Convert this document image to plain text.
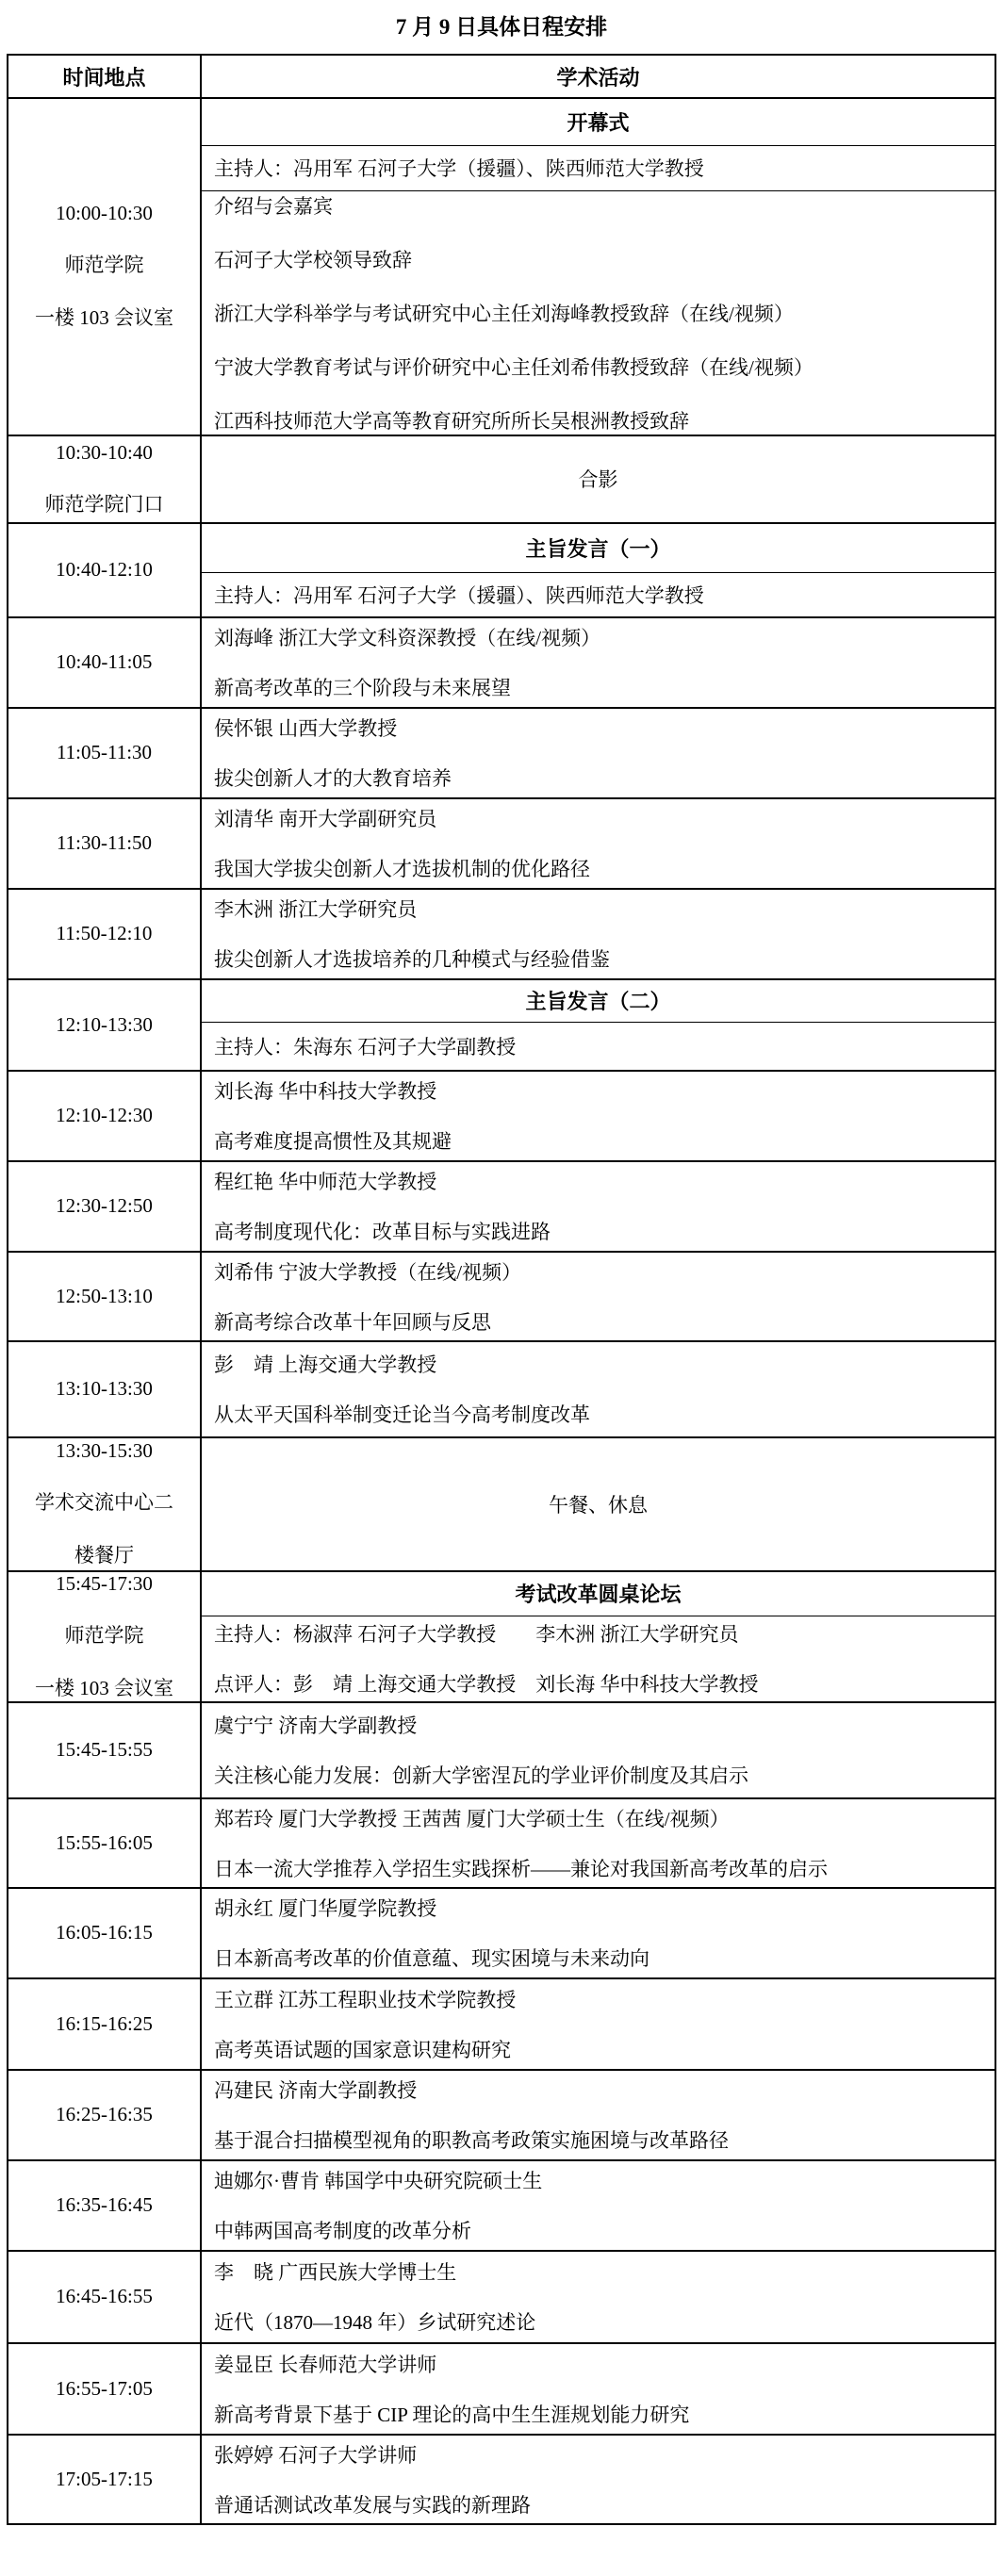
7 月 9 日具体日程安排
时间地点	学术活动

10:00-10:30

师范学院

一楼 103 会议室	开幕式
	主持人：冯用军 石河子大学（援疆）、陕西师范大学教授

	介绍与会嘉宾

石河子大学校领导致辞

浙江大学科举学与考试研究中心主任刘海峰教授致辞（在线/视频）

宁波大学教育考试与评价研究中心主任刘希伟教授致辞（在线/视频）

江西科技师范大学高等教育研究所所长吴根洲教授致辞

10:30-10:40

师范学院门口	合影

10:40-12:10	主旨发言（一）
	主持人：冯用军 石河子大学（援疆）、陕西师范大学教授
10:40-11:05	刘海峰 浙江大学文科资深教授（在线/视频）

新高考改革的三个阶段与未来展望

11:05-11:30	侯怀银 山西大学教授

拔尖创新人才的大教育培养

11:30-11:50	刘清华 南开大学副研究员

我国大学拔尖创新人才选拔机制的优化路径

11:50-12:10	李木洲 浙江大学研究员

拔尖创新人才选拔培养的几种模式与经验借鉴

12:10-13:30	主旨发言（二）
	主持人：朱海东 石河子大学副教授
12:10-12:30	刘长海 华中科技大学教授

高考难度提高惯性及其规避

12:30-12:50	程红艳 华中师范大学教授

高考制度现代化：改革目标与实践进路

12:50-13:10	刘希伟 宁波大学教授（在线/视频）

新高考综合改革十年回顾与反思

13:10-13:30	彭　靖 上海交通大学教授

从太平天国科举制变迁论当今高考制度改革

13:30-15:30

学术交流中心二

楼餐厅	午餐、休息

15:45-17:30

师范学院

一楼 103 会议室	考试改革圆桌论坛

	主持人：杨淑萍 石河子大学教授　　李木洲 浙江大学研究员

点评人：彭　靖 上海交通大学教授　刘长海 华中科技大学教授

15:45-15:55	虞宁宁 济南大学副教授

关注核心能力发展：创新大学密涅瓦的学业评价制度及其启示

15:55-16:05	郑若玲 厦门大学教授 王茜茜 厦门大学硕士生（在线/视频）

日本一流大学推荐入学招生实践探析——兼论对我国新高考改革的启示

16:05-16:15	胡永红 厦门华厦学院教授

日本新高考改革的价值意蕴、现实困境与未来动向

16:15-16:25	王立群 江苏工程职业技术学院教授

高考英语试题的国家意识建构研究

16:25-16:35	冯建民 济南大学副教授

基于混合扫描模型视角的职教高考政策实施困境与改革路径

16:35-16:45	迪娜尔·曹肯 韩国学中央研究院硕士生

中韩两国高考制度的改革分析

16:45-16:55	李　晓 广西民族大学博士生

近代（1870—1948 年）乡试研究述论

16:55-17:05	姜显臣 长春师范大学讲师

新高考背景下基于 CIP 理论的高中生生涯规划能力研究

17:05-17:15	张婷婷 石河子大学讲师

普通话测试改革发展与实践的新理路
